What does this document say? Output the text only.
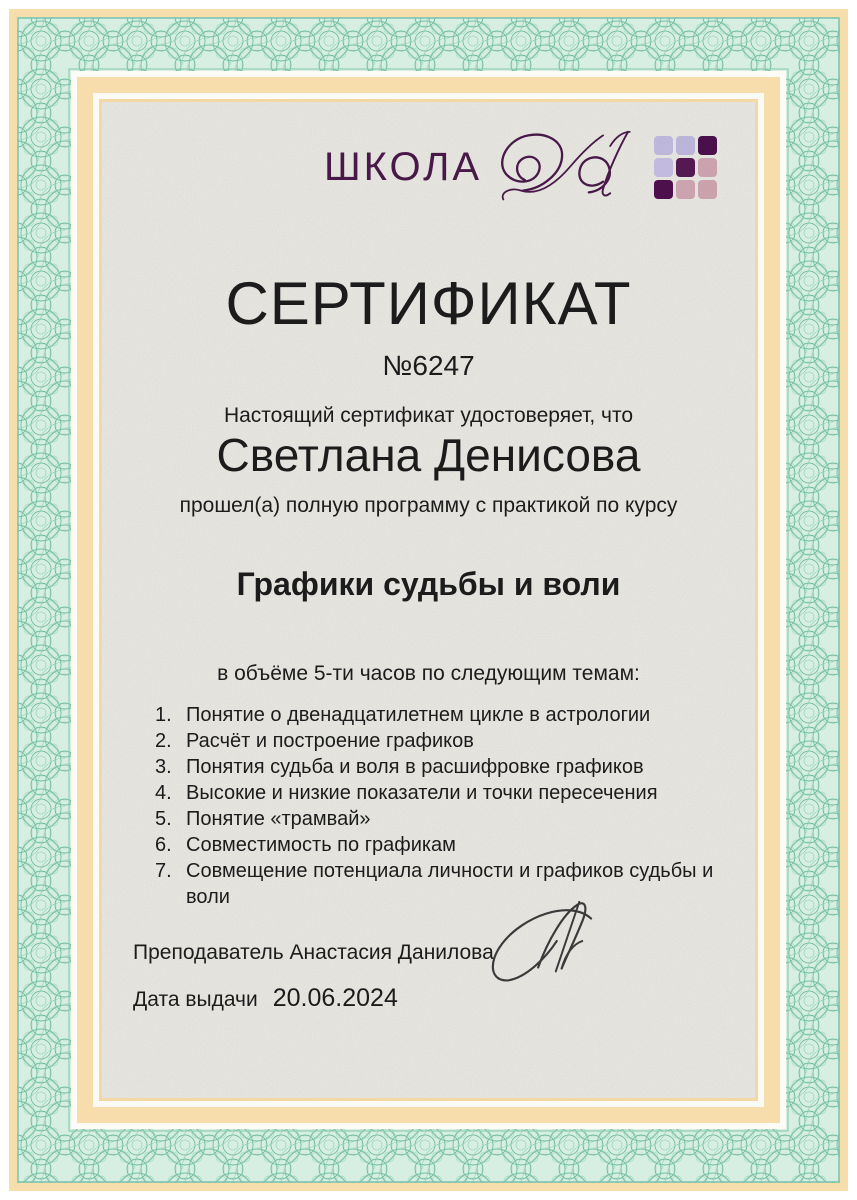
ШКОЛА
СЕРТИФИКАТ
№6247
Настоящий сертификат удостоверяет, что
Светлана Денисова
прошел(а) полную программу с практикой по курсу
Графики судьбы и воли
в объёме 5-ти часов по следующим темам:
1. Понятие о двенадцатилетнем цикле в астрологии
2. Расчёт и построение графиков
3. Понятия судьба и воля в расшифровке графиков
4. Высокие и низкие показатели и точки пересечения
5. Понятие «трамвай»
6. Совместимость по графикам
7. Совмещение потенциала личности и графиков судьбы и воли
Преподаватель Анастасия Данилова
Дата выдачи 20.06.2024
